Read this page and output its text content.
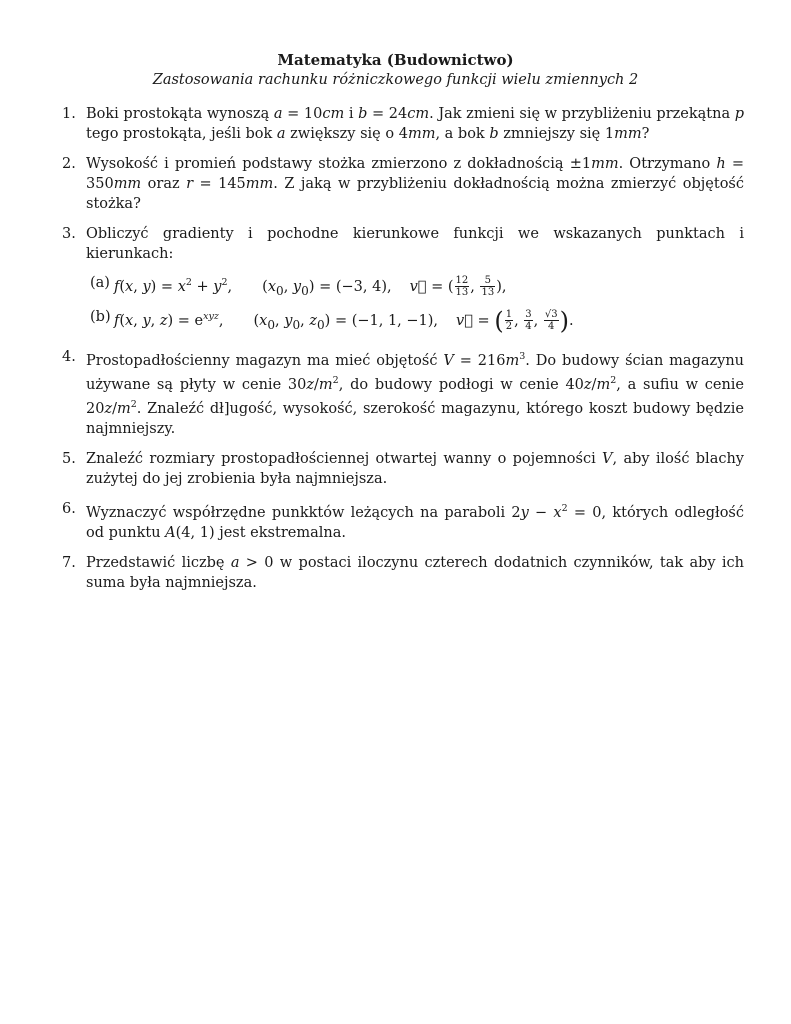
Matematyka (Budownictwo)
Zastosowania rachunku różniczkowego funkcji wielu zmiennych 2
1. Boki prostokąta wynoszą a = 10cm i b = 24cm. Jak zmieni się w przybliżeniu przekątna p tego prostokąta, jeśli bok a zwiększy się o 4mm, a bok b zmniejszy się 1mm?
2. Wysokość i promień podstawy stożka zmierzono z dokładnością ±1mm. Otrzymano h = 350mm oraz r = 145mm. Z jaką w przybliżeniu dokładnością można zmierzyć objętość stożka?
3. Obliczyć gradienty i pochodne kierunkowe funkcji we wskazanych punktach i kierunkach:
(a) f(x, $y) = x^2 + y^2$, ($x_0$, $y_0) = (-3$, 4), v⃗ = ( $\frac{12}{13}$ , $\frac{5}{13}$ ),
(b) f(x, y, $z) = e^{xyz}$, ($x_0$, $y_0$, $z_0) = (-1$, 1, −1), v⃗ = ( $\frac{1}{2}$ , $\frac{3}{4}$ , $\frac{√3}{4}$ ).
4. Prostopadłościenny magazyn ma mieć objętość $V = 216m^3$. Do budowy ścian magazynu używane są płyty w cenie $30z/m^2$, do budowy podłogi w cenie $40z/m^2$, a sufiu w cenie $20z/m^2$. Znaleźć dł]ugość, wysokość, szerokość magazynu, którego koszt budowy będzie najmniejszy.
5. Znaleźć rozmiary prostopadłościennej otwartej wanny o pojemności V, aby ilość blachy zużytej do jej zrobienia była najmniejsza.
6. Wyznaczyć współrzędne punkktów leżących na paraboli $2y - x^2 = 0$, których odległość od punktu A(4, 1) jest ekstremalna.
7. Przedstawić liczbę a > 0 w postaci iloczynu czterech dodatnich czynników, tak aby ich suma była najmniejsza.
